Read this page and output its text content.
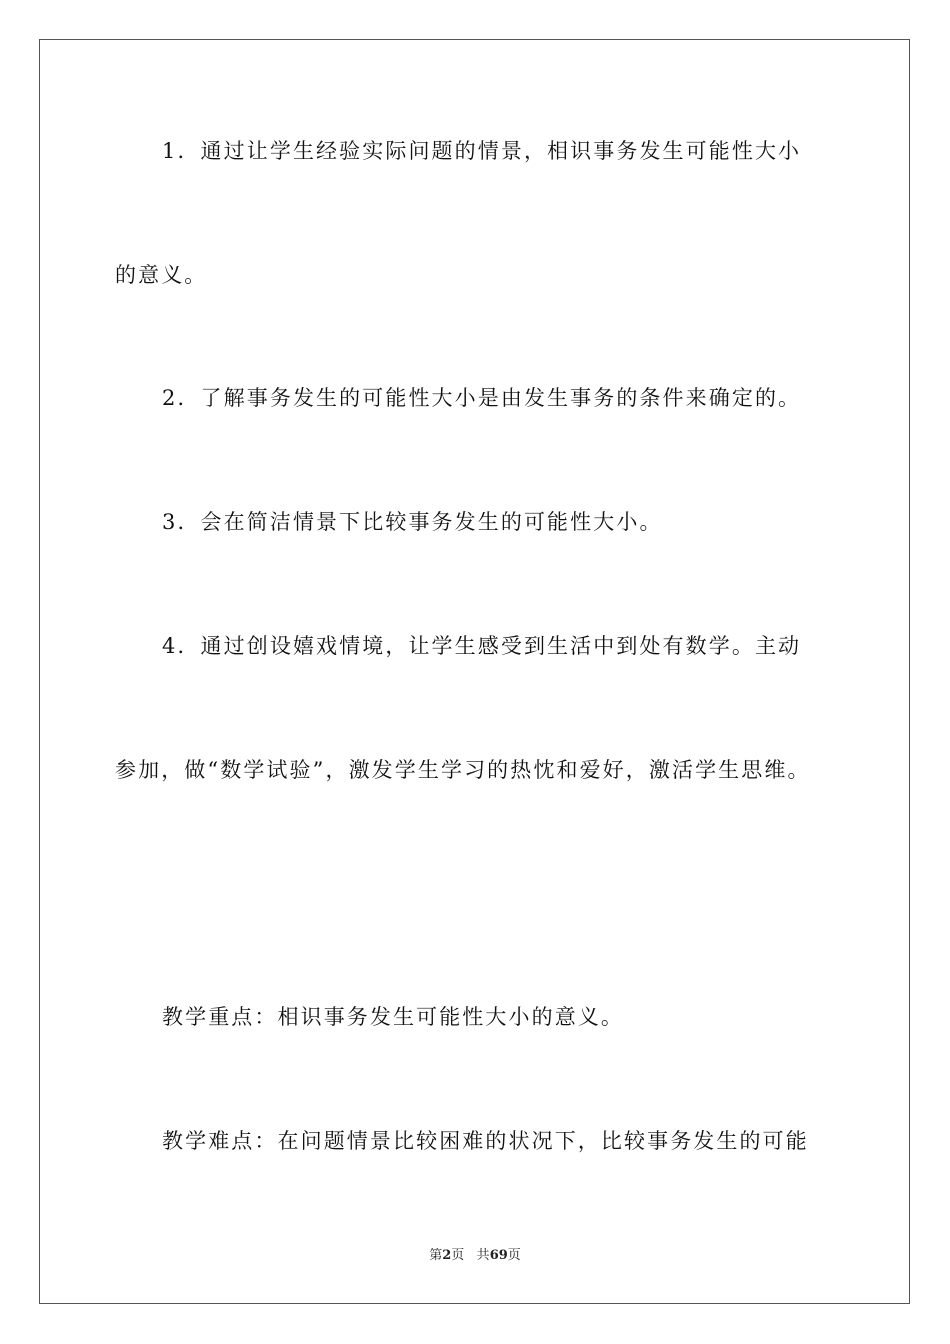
1．通过让学生经验实际问题的情景，相识事务发生可能性大小
的意义。
2．了解事务发生的可能性大小是由发生事务的条件来确定的。
3．会在简洁情景下比较事务发生的可能性大小。
4．通过创设嬉戏情境，让学生感受到生活中到处有数学。主动
参加，做“数学试验”，激发学生学习的热忱和爱好，激活学生思维。
教学重点：相识事务发生可能性大小的意义。
教学难点：在问题情景比较困难的状况下，比较事务发生的可能
第2页 共69页
